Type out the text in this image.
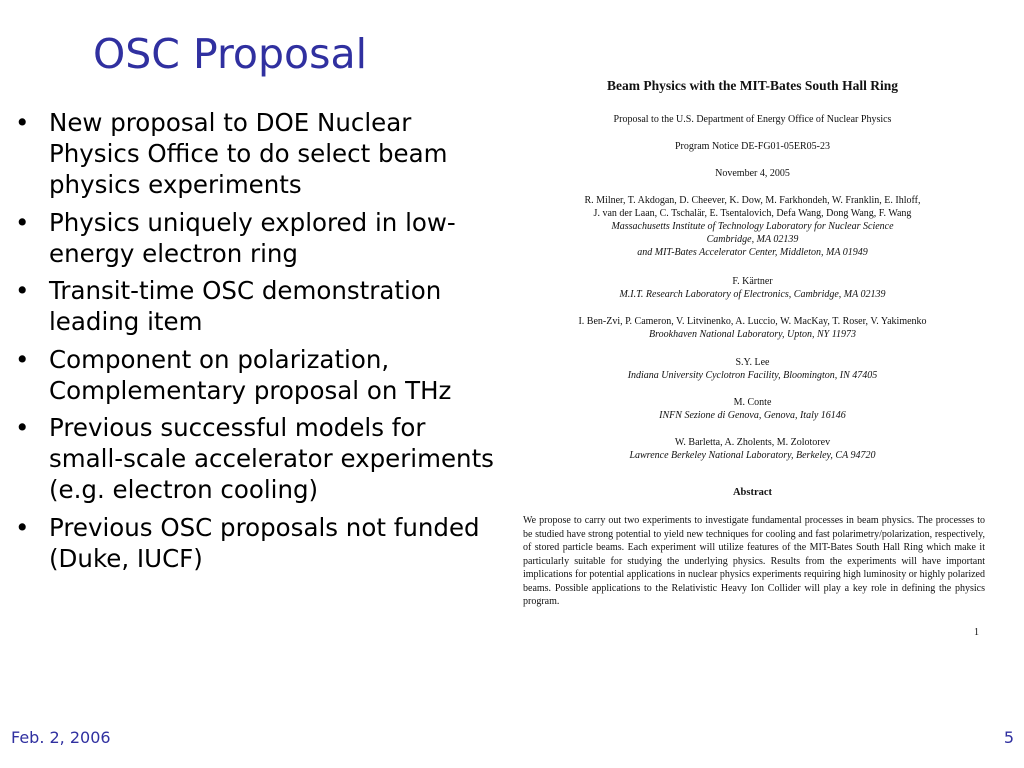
OSC Proposal
• New proposal to DOE Nuclear Physics Office to do select beam physics experiments
• Physics uniquely explored in low-energy electron ring
• Transit-time OSC demonstration leading item
• Component on polarization, Complementary proposal on THz
• Previous successful models for small-scale accelerator experiments (e.g. electron cooling)
• Previous OSC proposals not funded (Duke, IUCF)
Beam Physics with the MIT-Bates South Hall Ring
Proposal to the U.S. Department of Energy Office of Nuclear Physics
Program Notice DE-FG01-05ER05-23
November 4, 2005
R. Milner, T. Akdogan, D. Cheever, K. Dow, M. Farkhondeh, W. Franklin, E. Ihloff,
J. van der Laan, C. Tschalär, E. Tsentalovich, Defa Wang, Dong Wang, F. Wang
Massachusetts Institute of Technology Laboratory for Nuclear Science
Cambridge, MA 02139
and MIT-Bates Accelerator Center, Middleton, MA 01949
F. Kärtner
M.I.T. Research Laboratory of Electronics, Cambridge, MA 02139
I. Ben-Zvi, P. Cameron, V. Litvinenko, A. Luccio, W. MacKay, T. Roser, V. Yakimenko
Brookhaven National Laboratory, Upton, NY 11973
S.Y. Lee
Indiana University Cyclotron Facility, Bloomington, IN 47405
M. Conte
INFN Sezione di Genova, Genova, Italy 16146
W. Barletta, A. Zholents, M. Zolotorev
Lawrence Berkeley National Laboratory, Berkeley, CA 94720
Abstract

We propose to carry out two experiments to investigate fundamental processes in beam physics. The processes to be studied have strong potential to yield new techniques for cooling and fast polarimetry/polarization, respectively, of stored particle beams. Each experiment will utilize features of the MIT-Bates South Hall Ring which make it particularly suitable for studying the underlying physics. Results from the experiments will have important implications for potential applications in nuclear physics experiments requiring high luminosity or highly polarized beams. Possible applications to the Relativistic Heavy Ion Collider will play a key role in defining the physics program.

1
Feb. 2, 2006	5
